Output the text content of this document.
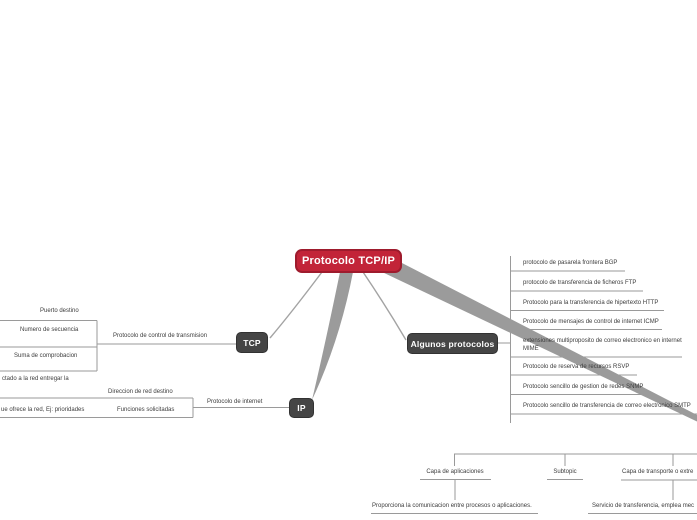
Protocolo TCP/IP
TCP
Protocolo de control de transmision
Puerto destino
Numero de secuencia
Suma de comprobacion
IP
Protocolo de internet
Direccion de red destino
Funciones solicitadas
ctado a la red entregar la
ue ofrece la red, Ej: prioridades
Algunos protocolos
protocolo de pasarela frontera BGP
protocolo de transferencia de ficheros FTP
Protocolo para la transferencia de hipertexto HTTP
Protocolo de mensajes de control de internet ICMP
extensiones multiproposito de correo electronico en internet MIME
Protocolo de reserva de recursos RSVP
Protocolo sencillo de gestion de redes SNMP
Protocolo sencillo de transferencia de correo electronico SMTP
Capa de aplicaciones	Subtopic	Capa de transporte o extre
Proporciona la comunicacion entre procesos o aplicaciones.	Servicio de transferencia, emplea mec
